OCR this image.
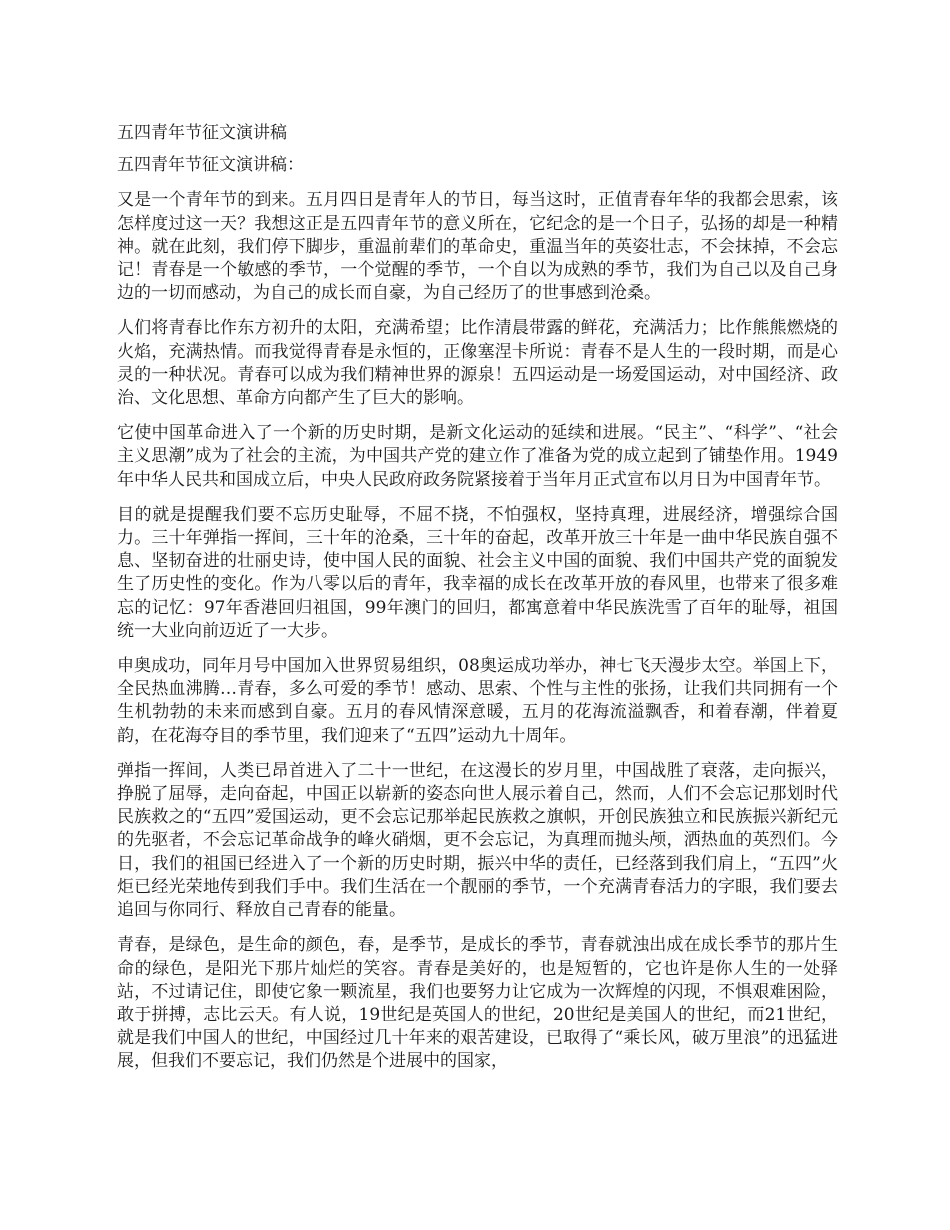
五四青年节征文演讲稿
五四青年节征文演讲稿：

又是一个青年节的到来。五月四日是青年人的节日，每当这时，正值青春年华的我都会思索，该怎样度过这一天？我想这正是五四青年节的意义所在，它纪念的是一个日子，弘扬的却是一种精神。就在此刻，我们停下脚步，重温前辈们的革命史，重温当年的英姿壮志，不会抹掉，不会忘记！青春是一个敏感的季节，一个觉醒的季节，一个自以为成熟的季节，我们为自己以及自己身边的一切而感动，为自己的成长而自豪，为自己经历了的世事感到沧桑。

人们将青春比作东方初升的太阳，充满希望；比作清晨带露的鲜花，充满活力；比作熊熊燃烧的火焰，充满热情。而我觉得青春是永恒的，正像塞涅卡所说：青春不是人生的一段时期，而是心灵的一种状况。青春可以成为我们精神世界的源泉！五四运动是一场爱国运动，对中国经济、政治、文化思想、革命方向都产生了巨大的影响。

它使中国革命进入了一个新的历史时期，是新文化运动的延续和进展。“民主”、“科学”、“社会主义思潮”成为了社会的主流，为中国共产党的建立作了准备为党的成立起到了铺垫作用。1949年中华人民共和国成立后，中央人民政府政务院紧接着于当年月正式宣布以月日为中国青年节。

目的就是提醒我们要不忘历史耻辱，不屈不挠，不怕强权，坚持真理，进展经济，增强综合国力。三十年弹指一挥间，三十年的沧桑，三十年的奋起，改革开放三十年是一曲中华民族自强不息、坚韧奋进的壮丽史诗，使中国人民的面貌、社会主义中国的面貌、我们中国共产党的面貌发生了历史性的变化。作为八零以后的青年，我幸福的成长在改革开放的春风里，也带来了很多难忘的记忆：97年香港回归祖国，99年澳门的回归，都寓意着中华民族洗雪了百年的耻辱，祖国统一大业向前迈近了一大步。

申奥成功，同年月号中国加入世界贸易组织，08奥运成功举办，神七飞天漫步太空。举国上下，全民热血沸腾…青春，多么可爱的季节！感动、思索、个性与主性的张扬，让我们共同拥有一个生机勃勃的未来而感到自豪。五月的春风情深意暖，五月的花海流溢飘香，和着春潮，伴着夏韵，在花海夺目的季节里，我们迎来了“五四”运动九十周年。

弹指一挥间，人类已昂首进入了二十一世纪，在这漫长的岁月里，中国战胜了衰落，走向振兴，挣脱了屈辱，走向奋起，中国正以崭新的姿态向世人展示着自己，然而，人们不会忘记那划时代民族救之的“五四”爱国运动，更不会忘记那举起民族救之旗帜，开创民族独立和民族振兴新纪元的先驱者，不会忘记革命战争的峰火硝烟，更不会忘记，为真理而抛头颅，洒热血的英烈们。今日，我们的祖国已经进入了一个新的历史时期，振兴中华的责任，已经落到我们肩上，“五四”火炬已经光荣地传到我们手中。我们生活在一个靓丽的季节，一个充满青春活力的字眼，我们要去追回与你同行、释放自己青春的能量。

青春，是绿色，是生命的颜色，春，是季节，是成长的季节，青春就浊出成在成长季节的那片生命的绿色，是阳光下那片灿烂的笑容。青春是美好的，也是短暂的，它也许是你人生的一处驿站，不过请记住，即使它象一颗流星，我们也要努力让它成为一次辉煌的闪现，不惧艰难困险，敢于拼搏，志比云天。有人说，19世纪是英国人的世纪，20世纪是美国人的世纪，而21世纪，就是我们中国人的世纪，中国经过几十年来的艰苦建设，已取得了“乘长风，破万里浪”的迅猛进展，但我们不要忘记，我们仍然是个进展中的国家，
